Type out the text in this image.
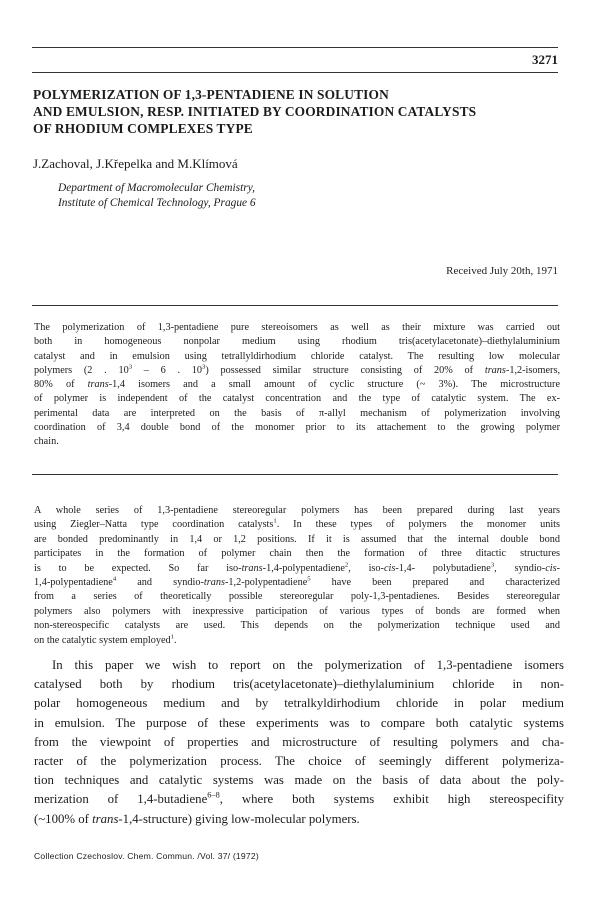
3271
POLYMERIZATION OF 1,3-PENTADIENE IN SOLUTION
AND EMULSION, RESP. INITIATED BY COORDINATION CATALYSTS
OF RHODIUM COMPLEXES TYPE
J.Zachoval, J.Křepelka and M.Klímová
Department of Macromolecular Chemistry,
Institute of Chemical Technology, Prague 6
Received July 20th, 1971
The polymerization of 1,3-pentadiene pure stereoisomers as well as their mixture was carried out
both in homogeneous nonpolar medium using rhodium tris(acetylacetonate)–diethylaluminium
catalyst and in emulsion using tetrallyldirhodium chloride catalyst. The resulting low molecular
polymers (2 . $10^3 - 6$ . $10^3$) possessed similar structure consisting of 20% of trans-1,2-isomers,
80% of trans-1,4 isomers and a small amount of cyclic structure (~ 3%). The microstructure
of polymer is independent of the catalyst concentration and the type of catalytic system. The ex-
perimental data are interpreted on the basis of π-allyl mechanism of polymerization involving
coordination of 3,4 double bond of the monomer prior to its attachement to the growing polymer
chain.
A whole series of 1,3-pentadiene stereoregular polymers has been prepared during last years
using Ziegler–Natta type coordination catalysts$^1$. In these types of polymers the monomer units
are bonded predominantly in 1,4 or 1,2 positions. If it is assumed that the internal double bond
participates in the formation of polymer chain then the formation of three ditactic structures
is to be expected. So far iso-trans-1,4-polypentadiene$^2$, iso-cis-1,4- polybutadiene$^3$, syndio-cis-
1,4-polypentadiene$^4$ and syndio-trans-1,2-polypentadiene$^5$ have been prepared and characterized
from a series of theoretically possible stereoregular poly-1,3-pentadienes. Besides stereoregular
polymers also polymers with inexpressive participation of various types of bonds are formed when
non-stereospecific catalysts are used. This depends on the polymerization technique used and
on the catalytic system employed$^1$.
In this paper we wish to report on the polymerization of 1,3-pentadiene isomers
catalysed both by rhodium tris(acetylacetonate)–diethylaluminium chloride in non-
polar homogeneous medium and by tetralkyldirhodium chloride in polar medium
in emulsion. The purpose of these experiments was to compare both catalytic systems
from the viewpoint of properties and microstructure of resulting polymers and cha-
racter of the polymerization process. The choice of seemingly different polymeriza-
tion techniques and catalytic systems was made on the basis of data about the poly-
merization of 1,4-butadiene$^{6-8}$, where both systems exhibit high stereospecifity
(~100% of trans-1,4-structure) giving low-molecular polymers.
Collection Czechoslov. Chem. Commun. /Vol. 37/ (1972)
